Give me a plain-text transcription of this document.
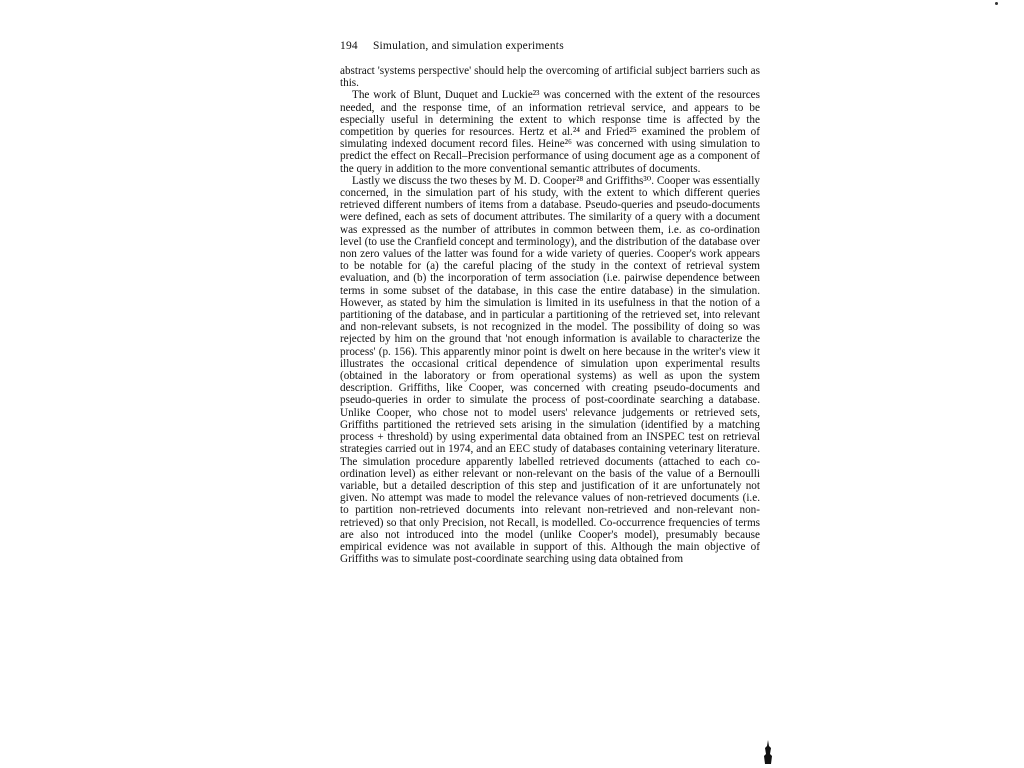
194 Simulation, and simulation experiments

abstract 'systems perspective' should help the overcoming of artificial subject barriers such as this.

The work of Blunt, Duquet and Luckie²³ was concerned with the extent of the resources needed, and the response time, of an information retrieval service, and appears to be especially useful in determining the extent to which response time is affected by the competition by queries for resources. Hertz et al.²⁴ and Fried²⁵ examined the problem of simulating indexed document record files. Heine²⁶ was concerned with using simulation to predict the effect on Recall–Precision performance of using document age as a component of the query in addition to the more conventional semantic attributes of documents.

Lastly we discuss the two theses by M. D. Cooper²⁸ and Griffiths³⁰. Cooper was essentially concerned, in the simulation part of his study, with the extent to which different queries retrieved different numbers of items from a database. Pseudo-queries and pseudo-documents were defined, each as sets of document attributes. The similarity of a query with a document was expressed as the number of attributes in common between them, i.e. as co-ordination level (to use the Cranfield concept and terminology), and the distribution of the database over non zero values of the latter was found for a wide variety of queries. Cooper's work appears to be notable for (a) the careful placing of the study in the context of retrieval system evaluation, and (b) the incorporation of term association (i.e. pairwise dependence between terms in some subset of the database, in this case the entire database) in the simulation. However, as stated by him the simulation is limited in its usefulness in that the notion of a partitioning of the database, and in particular a partitioning of the retrieved set, into relevant and non-relevant subsets, is not recognized in the model. The possibility of doing so was rejected by him on the ground that 'not enough information is available to characterize the process' (p. 156). This apparently minor point is dwelt on here because in the writer's view it illustrates the occasional critical dependence of simulation upon experimental results (obtained in the laboratory or from operational systems) as well as upon the system description. Griffiths, like Cooper, was concerned with creating pseudo-documents and pseudo-queries in order to simulate the process of post-coordinate searching a database. Unlike Cooper, who chose not to model users' relevance judgements or retrieved sets, Griffiths partitioned the retrieved sets arising in the simulation (identified by a matching process + threshold) by using experimental data obtained from an INSPEC test on retrieval strategies carried out in 1974, and an EEC study of databases containing veterinary literature. The simulation procedure apparently labelled retrieved documents (attached to each co-ordination level) as either relevant or non-relevant on the basis of the value of a Bernoulli variable, but a detailed description of this step and justification of it are unfortunately not given. No attempt was made to model the relevance values of non-retrieved documents (i.e. to partition non-retrieved documents into relevant non-retrieved and non-relevant non-retrieved) so that only Precision, not Recall, is modelled. Co-occurrence frequencies of terms are also not introduced into the model (unlike Cooper's model), presumably because empirical evidence was not available in support of this. Although the main objective of Griffiths was to simulate post-coordinate searching using data obtained from
